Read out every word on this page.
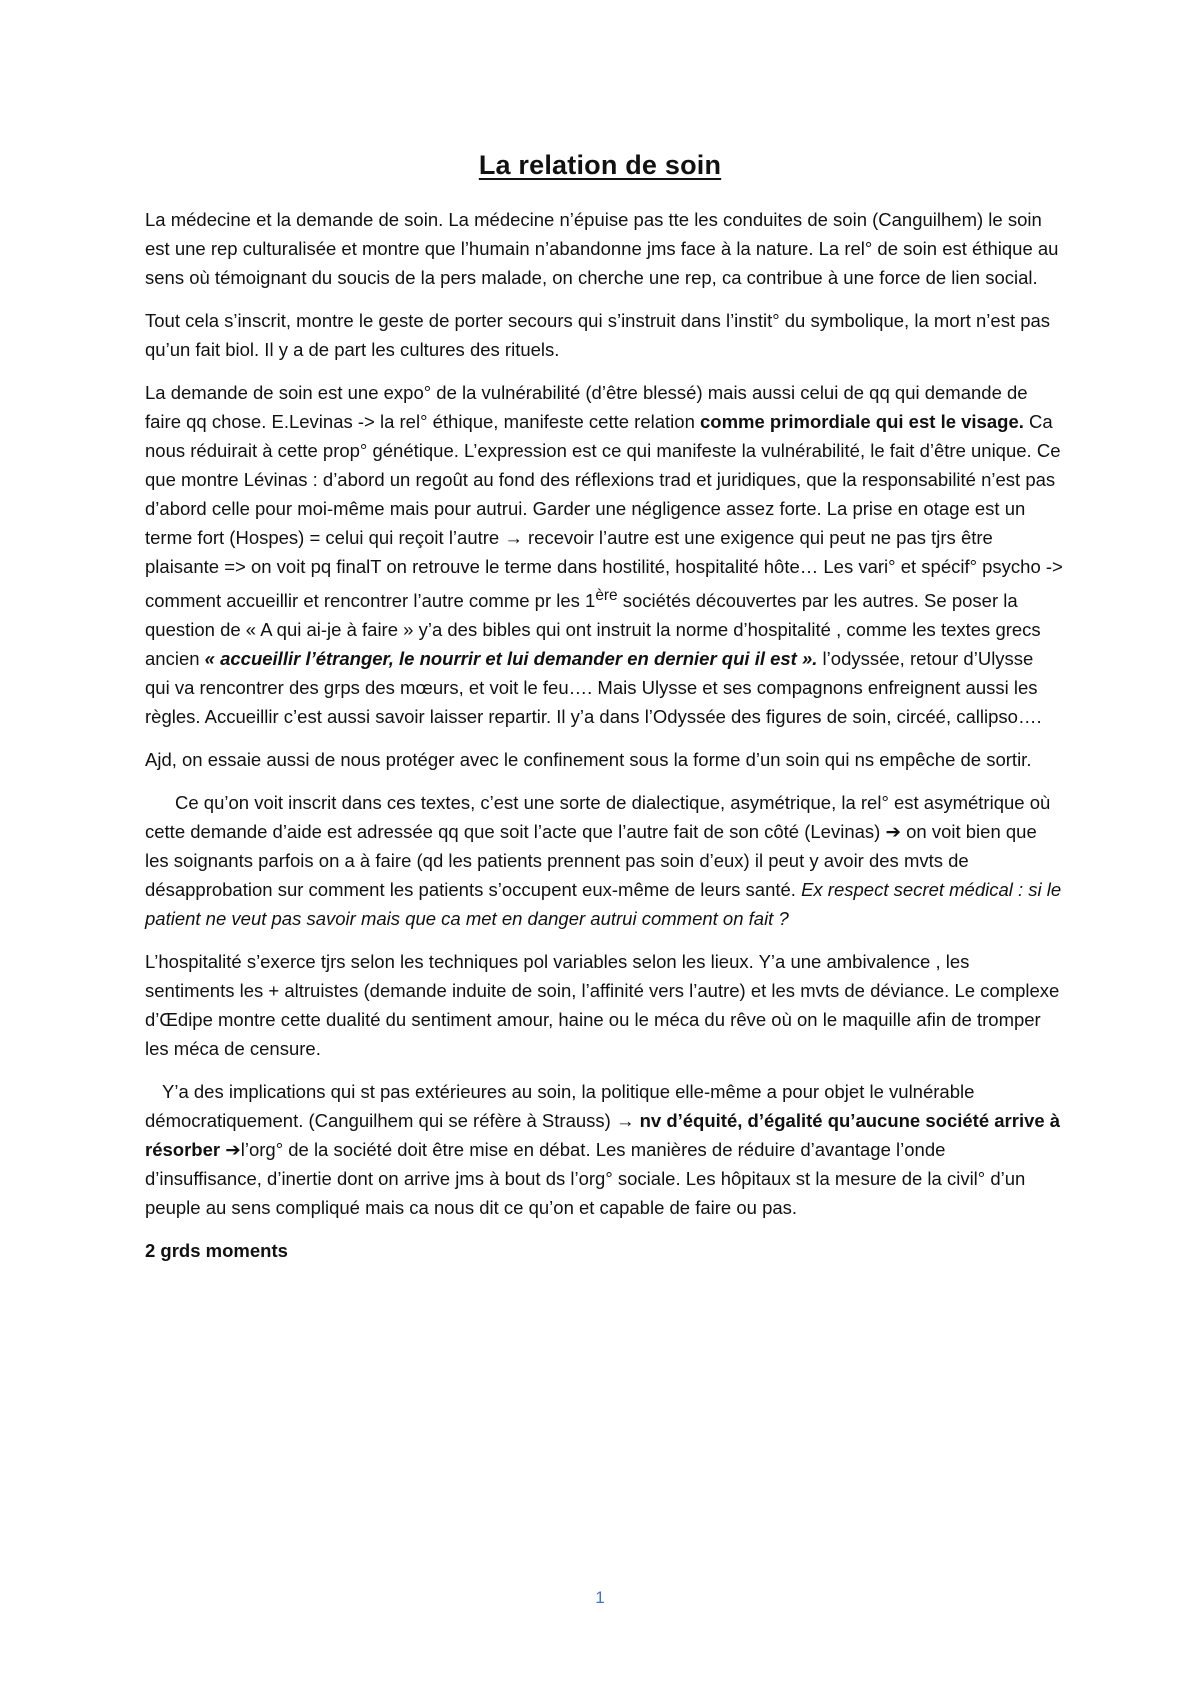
La relation de soin

La médecine et la demande de soin. La médecine n’épuise pas tte les conduites de soin (Canguilhem) le soin est une rep culturalisée et montre que l’humain n’abandonne jms face à la nature. La rel° de soin est éthique au sens où témoignant du soucis de la pers malade, on cherche une rep, ca contribue à une force de lien social.

Tout cela s’inscrit, montre le geste de porter secours qui s’instruit dans l’instit° du symbolique, la mort n’est pas qu’un fait biol. Il y a de part les cultures des rituels.

La demande de soin est une expo° de la vulnérabilité (d’être blessé) mais aussi celui de qq qui demande de faire qq chose. E.Levinas -> la rel° éthique, manifeste cette relation comme primordiale qui est le visage. Ca nous réduirait à cette prop° génétique. L’expression est ce qui manifeste la vulnérabilité, le fait d’être unique. Ce que montre Lévinas : d’abord un regoût au fond des réflexions trad et juridiques, que la responsabilité n’est pas d’abord celle pour moi-même mais pour autrui. Garder une négligence assez forte. La prise en otage est un terme fort (Hospes) = celui qui reçoit l’autre → recevoir l’autre est une exigence qui peut ne pas tjrs être plaisante => on voit pq finalT on retrouve le terme dans hostilité, hospitalité hôte… Les vari° et spécif° psycho -> comment accueillir et rencontrer l’autre comme pr les 1ère sociétés découvertes par les autres. Se poser la question de « A qui ai-je à faire » y’a des bibles qui ont instruit la norme d’hospitalité , comme les textes grecs ancien « accueillir l’étranger, le nourrir et lui demander en dernier qui il est ». l’odyssée, retour d’Ulysse qui va rencontrer des grps des mœurs, et voit le feu…. Mais Ulysse et ses compagnons enfreignent aussi les règles. Accueillir c’est aussi savoir laisser repartir. Il y’a dans l’Odyssée des figures de soin, circéé, callipso….

Ajd, on essaie aussi de nous protéger avec le confinement sous la forme d’un soin qui ns empêche de sortir.

Ce qu’on voit inscrit dans ces textes, c’est une sorte de dialectique, asymétrique, la rel° est asymétrique où cette demande d’aide est adressée qq que soit l’acte que l’autre fait de son côté (Levinas) ➔ on voit bien que les soignants parfois on a à faire (qd les patients prennent pas soin d’eux) il peut y avoir des mvts de désapprobation sur comment les patients s’occupent eux-même de leurs santé. Ex respect secret médical : si le patient ne veut pas savoir mais que ca met en danger autrui comment on fait ?

L’hospitalité s’exerce tjrs selon les techniques pol variables selon les lieux. Y’a une ambivalence , les sentiments les + altruistes (demande induite de soin, l’affinité vers l’autre) et les mvts de déviance. Le complexe d’Œdipe montre cette dualité du sentiment amour, haine ou le méca du rêve où on le maquille afin de tromper les méca de censure.

Y’a des implications qui st pas extérieures au soin, la politique elle-même a pour objet le vulnérable démocratiquement. (Canguilhem qui se réfère à Strauss) → nv d’équité, d’égalité qu’aucune société arrive à résorber ➔l’org° de la société doit être mise en débat. Les manières de réduire d’avantage l’onde d’insuffisance, d’inertie dont on arrive jms à bout ds l’org° sociale. Les hôpitaux st la mesure de la civil° d’un peuple au sens compliqué mais ca nous dit ce qu’on et capable de faire ou pas.

2 grds moments

1
